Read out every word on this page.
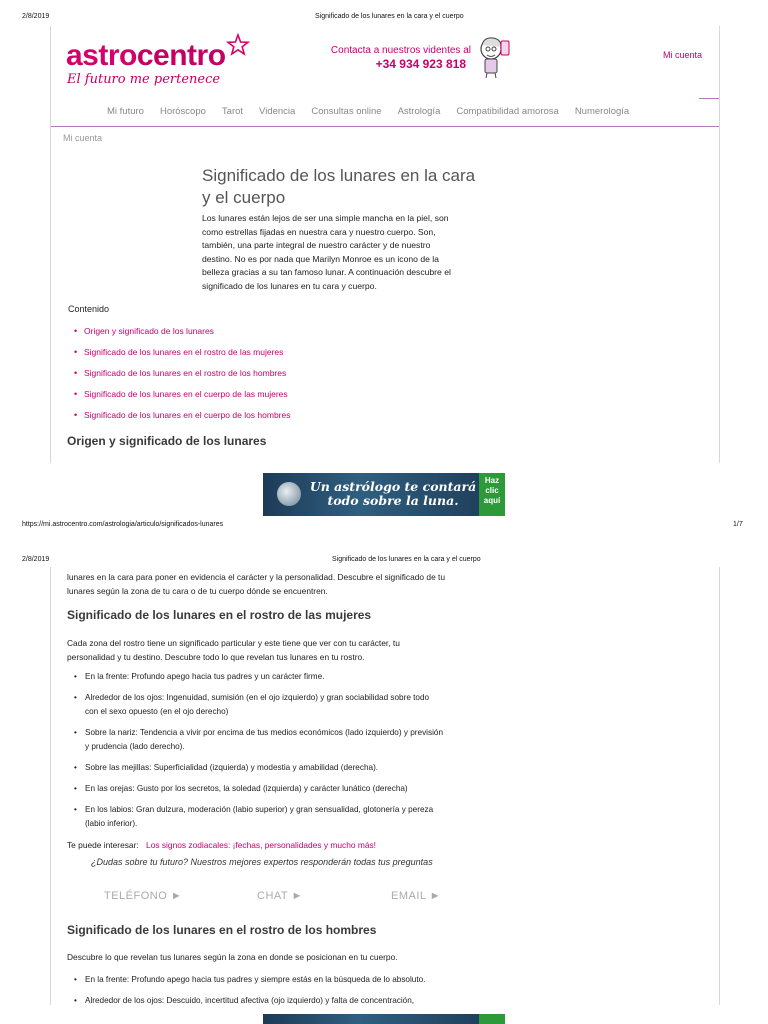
2/8/2019	Significado de los lunares en la cara y el cuerpo
astrocentro
El futuro me pertenece
Contacta a nuestros videntes al
+34 934 923 818
Mi cuenta
Mi futuro Horóscopo Tarot Videncia Consultas online Astrología Compatibilidad amorosa Numerología
Mi cuenta
Significado de los lunares en la cara
y el cuerpo
Los lunares están lejos de ser una simple mancha en la piel, son
como estrellas fijadas en nuestra cara y nuestro cuerpo. Son,
también, una parte integral de nuestro carácter y de nuestro
destino. No es por nada que Marilyn Monroe es un icono de la
belleza gracias a su tan famoso lunar. A continuación descubre el
significado de los lunares en tu cara y cuerpo.
Contenido
• Origen y significado de los lunares
• Significado de los lunares en el rostro de las mujeres
• Significado de los lunares en el rostro de los hombres
• Significado de los lunares en el cuerpo de las mujeres
• Significado de los lunares en el cuerpo de los hombres
Origen y significado de los lunares
Un astrólogo te contará
todo sobre la luna.
Haz
clic
aquí
https://mi.astrocentro.com/astrologia/articulo/significados-lunares	1/7
2/8/2019	Significado de los lunares en la cara y el cuerpo
lunares en la cara para poner en evidencia el carácter y la personalidad. Descubre el significado de tu
lunares según la zona de tu cara o de tu cuerpo dónde se encuentren.
Significado de los lunares en el rostro de las mujeres
Cada zona del rostro tiene un significado particular y este tiene que ver con tu carácter, tu
personalidad y tu destino. Descubre todo lo que revelan tus lunares en tu rostro.
• En la frente: Profundo apego hacia tus padres y un carácter firme.
• Alrededor de los ojos: Ingenuidad, sumisión (en el ojo izquierdo) y gran sociabilidad sobre todo
con el sexo opuesto (en el ojo derecho)
• Sobre la nariz: Tendencia a vivir por encima de tus medios económicos (lado izquierdo) y previsión
y prudencia (lado derecho).
• Sobre las mejillas: Superficialidad (izquierda) y modestia y amabilidad (derecha).
• En las orejas: Gusto por los secretos, la soledad (izquierda) y carácter lunático (derecha)
• En los labios: Gran dulzura, moderación (labio superior) y gran sensualidad, glotonería y pereza
(labio inferior).
Te puede interesar: Los signos zodiacales: ¡fechas, personalidades y mucho más!
¿Dudas sobre tu futuro? Nuestros mejores expertos responderán todas tus preguntas
TELÉFONO ►	CHAT ►	EMAIL ►
Significado de los lunares en el rostro de los hombres
Descubre lo que revelan tus lunares según la zona en donde se posicionan en tu cuerpo.
• En la frente: Profundo apego hacia tus padres y siempre estás en la búsqueda de lo absoluto.
• Alrededor de los ojos: Descuido, incertitud afectiva (ojo izquierdo) y falta de concentración,
